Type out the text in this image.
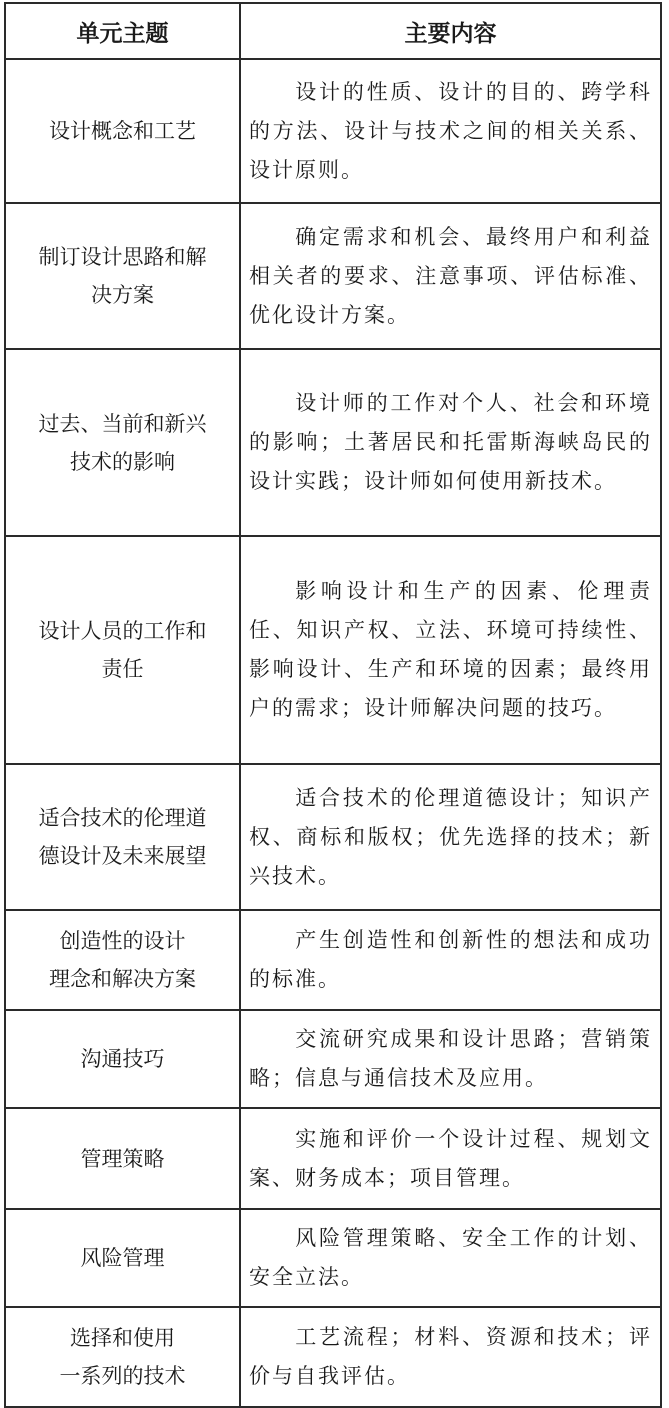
单元主题	主要内容

设计概念和工艺	设计的性质、设计的目的、跨学科的方法、设计与技术之间的相关关系、设计原则。

制订设计思路和解
决方案	确定需求和机会、最终用户和利益相关者的要求、注意事项、评估标准、优化设计方案。

过去、当前和新兴
技术的影响	设计师的工作对个人、社会和环境的影响；土著居民和托雷斯海峡岛民的设计实践；设计师如何使用新技术。

设计人员的工作和
责任	影响设计和生产的因素、伦理责任、知识产权、立法、环境可持续性、影响设计、生产和环境的因素；最终用户的需求；设计师解决问题的技巧。

适合技术的伦理道
德设计及未来展望	适合技术的伦理道德设计；知识产权、商标和版权；优先选择的技术；新兴技术。

创造性的设计
理念和解决方案	产生创造性和创新性的想法和成功的标准。

沟通技巧	交流研究成果和设计思路；营销策略；信息与通信技术及应用。

管理策略	实施和评价一个设计过程、规划文案、财务成本；项目管理。

风险管理	风险管理策略、安全工作的计划、安全立法。

选择和使用
一系列的技术	工艺流程；材料、资源和技术；评价与自我评估。
